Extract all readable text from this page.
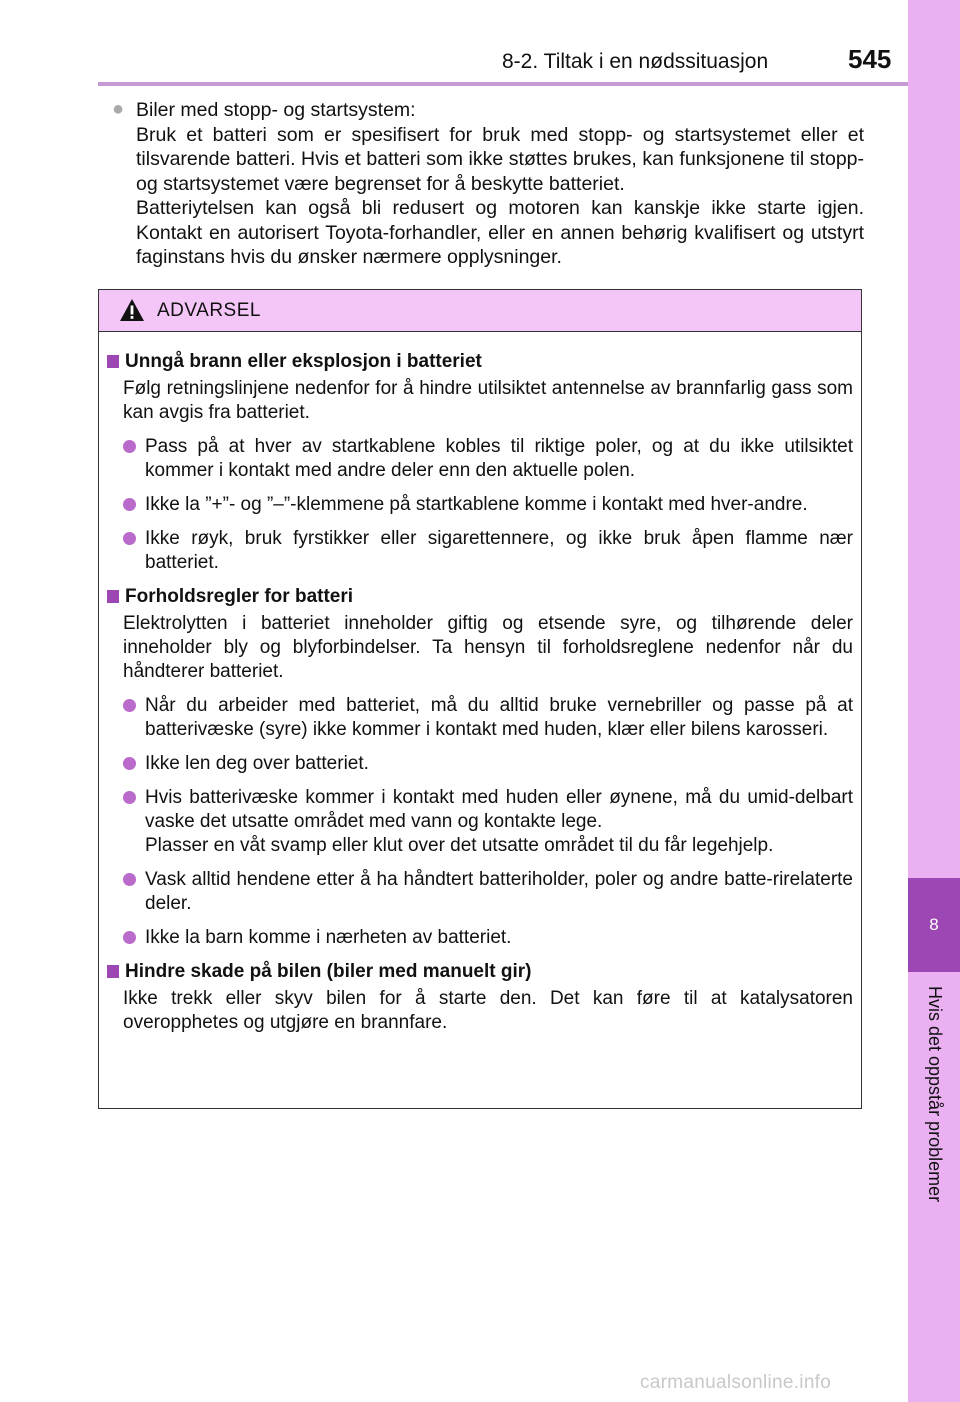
8-2. Tiltak i en nødssituasjon	545
8
Hvis det oppstår problemer
● Biler med stopp- og startsystem:

Bruk et batteri som er spesifisert for bruk med stopp- og startsystemet eller et tilsvarende batteri. Hvis et batteri som ikke støttes brukes, kan funksjonene til stopp- og startsystemet være begrenset for å beskytte batteriet.

Batteriytelsen kan også bli redusert og motoren kan kanskje ikke starte igjen. Kontakt en autorisert Toyota-forhandler, eller en annen behørig kvalifisert og utstyrt faginstans hvis du ønsker nærmere opplysninger.

ADVARSEL
Unngå brann eller eksplosjon i batteriet
Følg retningslinjene nedenfor for å hindre utilsiktet antennelse av brannfarlig gass som kan avgis fra batteriet.

Pass på at hver av startkablene kobles til riktige poler, og at du ikke utilsiktet kommer i kontakt med andre deler enn den aktuelle polen.

Ikke la ”+”- og ”–”-klemmene på startkablene komme i kontakt med hver-andre.

Ikke røyk, bruk fyrstikker eller sigarettennere, og ikke bruk åpen flamme nær batteriet.

Forholdsregler for batteri
Elektrolytten i batteriet inneholder giftig og etsende syre, og tilhørende deler inneholder bly og blyforbindelser. Ta hensyn til forholdsreglene nedenfor når du håndterer batteriet.

Når du arbeider med batteriet, må du alltid bruke vernebriller og passe på at batterivæske (syre) ikke kommer i kontakt med huden, klær eller bilens karosseri.

Ikke len deg over batteriet.

Hvis batterivæske kommer i kontakt med huden eller øynene, må du umid-delbart vaske det utsatte området med vann og kontakte lege.

Plasser en våt svamp eller klut over det utsatte området til du får legehjelp.

Vask alltid hendene etter å ha håndtert batteriholder, poler og andre batte-rirelaterte deler.

Ikke la barn komme i nærheten av batteriet.

Hindre skade på bilen (biler med manuelt gir)
Ikke trekk eller skyv bilen for å starte den. Det kan føre til at katalysatoren overopphetes og utgjøre en brannfare.
carmanualsonline.info
